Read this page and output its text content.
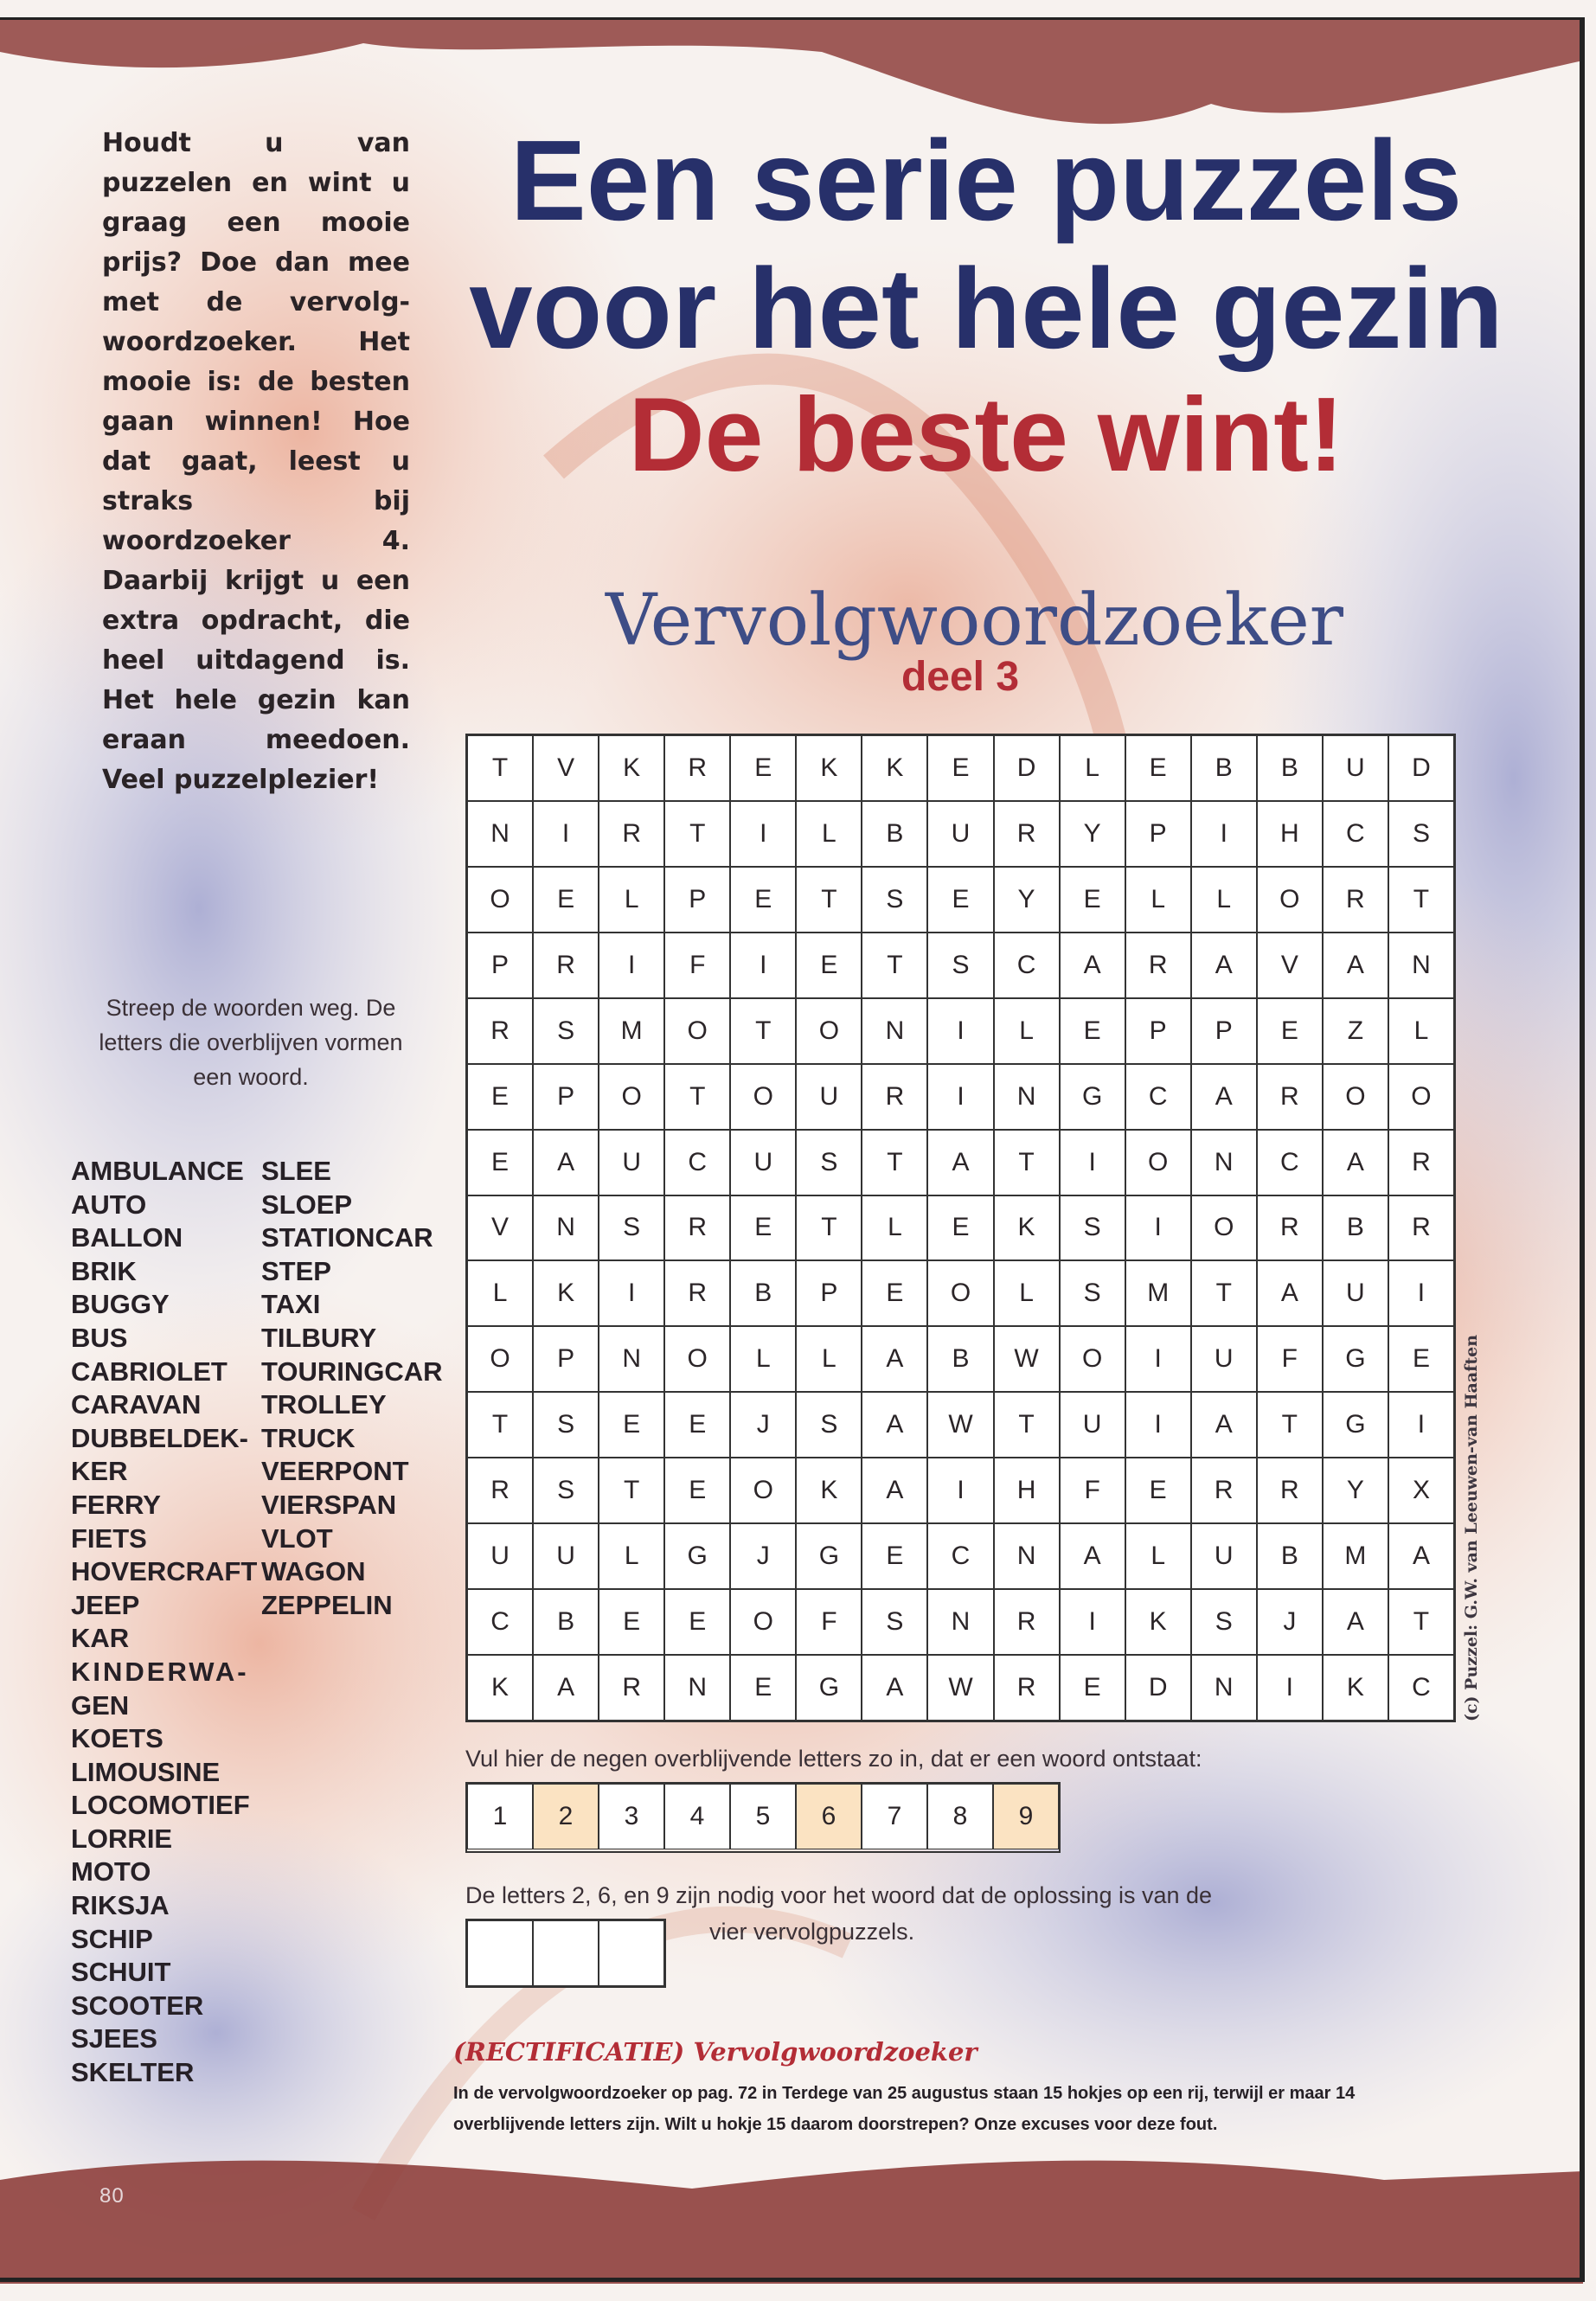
Houdt u van puzzelen en wint u graag een mooie prijs? Doe dan mee met de vervolg-woordzoeker. Het mooie is: de besten gaan winnen! Hoe dat gaat, leest u straks bij woordzoeker 4. Daarbij krijgt u een extra opdracht, die heel uitdagend is. Het hele gezin kan eraan meedoen. Veel puzzelplezier!
Een serie puzzels
voor het hele gezin
De beste wint!
Vervolgwoordzoeker
deel 3
Streep de woorden weg. De letters die overblijven vormen een woord.
AMBULANCE
AUTO
BALLON
BRIK
BUGGY
BUS
CABRIOLET
CARAVAN
DUBBELDEK-
KER
FERRY
FIETS
HOVERCRAFT
JEEP
KAR
KINDERWA-
GEN
KOETS
LIMOUSINE
LOCOMOTIEF
LORRIE
MOTO
RIKSJA
SCHIP
SCHUIT
SCOOTER
SJEES
SKELTER
SLEE
SLOEP
STATIONCAR
STEP
TAXI
TILBURY
TOURINGCAR
TROLLEY
TRUCK
VEERPONT
VIERSPAN
VLOT
WAGON
ZEPPELIN
T	V	K	R	E	K	K	E	D	L	E	B	B	U	D
N	I	R	T	I	L	B	U	R	Y	P	I	H	C	S
O	E	L	P	E	T	S	E	Y	E	L	L	O	R	T
P	R	I	F	I	E	T	S	C	A	R	A	V	A	N
R	S	M	O	T	O	N	I	L	E	P	P	E	Z	L
E	P	O	T	O	U	R	I	N	G	C	A	R	O	O
E	A	U	C	U	S	T	A	T	I	O	N	C	A	R
V	N	S	R	E	T	L	E	K	S	I	O	R	B	R
L	K	I	R	B	P	E	O	L	S	M	T	A	U	I
O	P	N	O	L	L	A	B	W	O	I	U	F	G	E
T	S	E	E	J	S	A	W	T	U	I	A	T	G	I
R	S	T	E	O	K	A	I	H	F	E	R	R	Y	X
U	U	L	G	J	G	E	C	N	A	L	U	B	M	A
C	B	E	E	O	F	S	N	R	I	K	S	J	A	T
K	A	R	N	E	G	A	W	R	E	D	N	I	K	C
Vul hier de negen overblijvende letters zo in, dat er een woord ontstaat:
1	2	3	4	5	6	7	8	9
De letters 2, 6, en 9 zijn nodig voor het woord dat de oplossing is van de
vier vervolgpuzzels.
(RECTIFICATIE) Vervolgwoordzoeker
In de vervolgwoordzoeker op pag. 72 in Terdege van 25 augustus staan 15 hokjes op een rij, terwijl er maar 14 overblijvende letters zijn. Wilt u hokje 15 daarom doorstrepen? Onze excuses voor deze fout.
(c) Puzzel: G.W. van Leeuwen-van Haaften
80
